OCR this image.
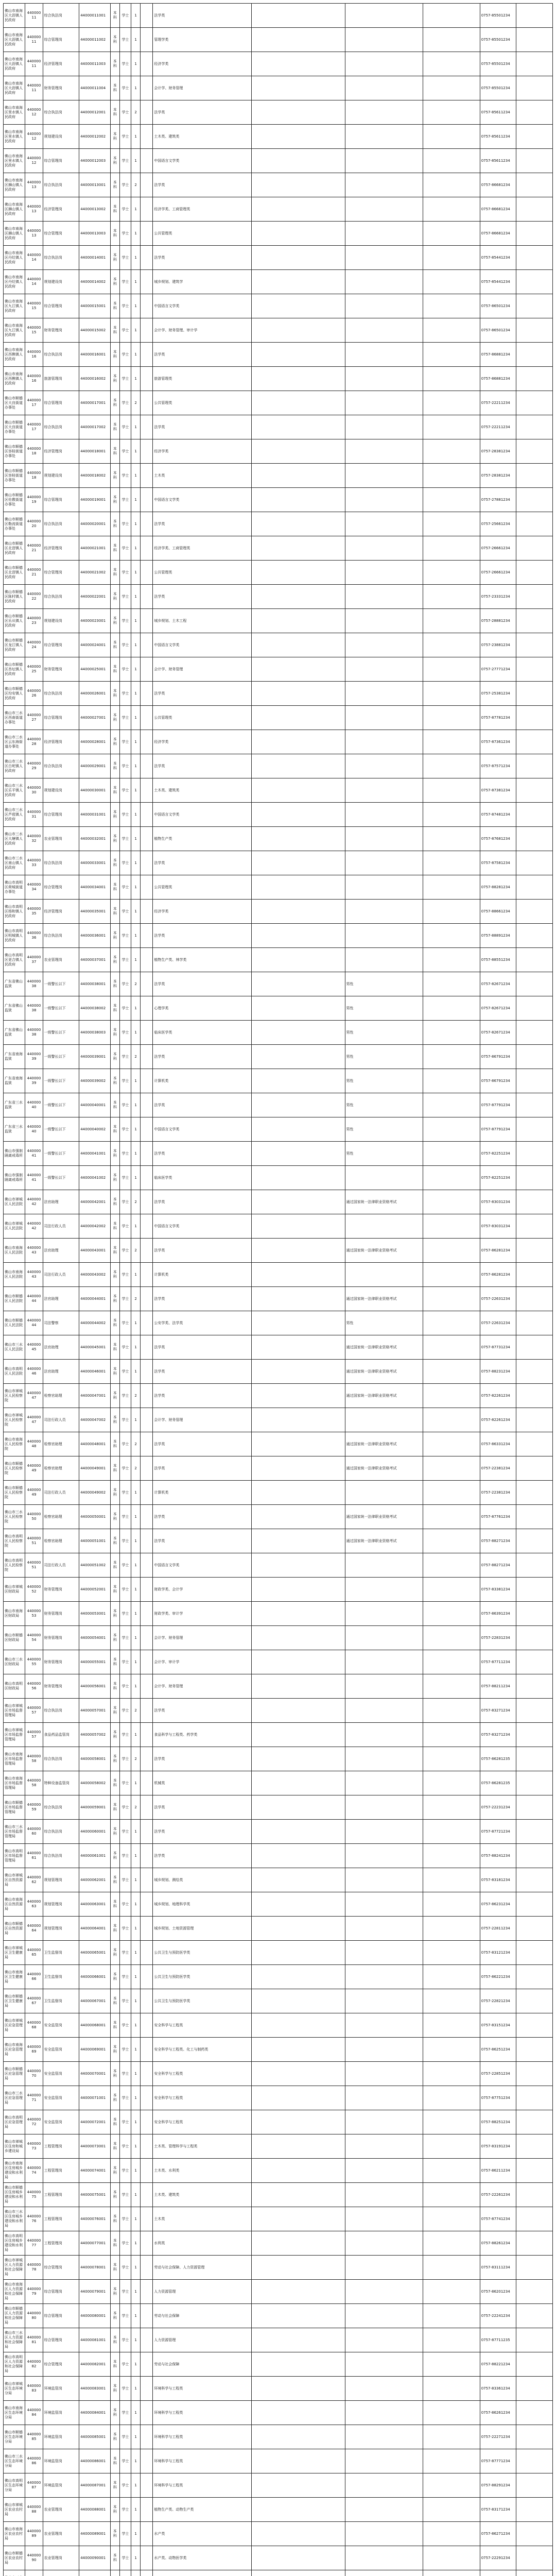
佛山市南海区大沥镇人民政府	44000011	综合执法岗	44000011001	本科	学士	1		法学类				0757-85501234	
佛山市南海区大沥镇人民政府	44000011	综合管理岗	44000011002	本科	学士	1		管理学类				0757-85501234	
佛山市南海区大沥镇人民政府	44000011	经济管理岗	44000011003	本科	学士	1		经济学类				0757-85501234	
佛山市南海区大沥镇人民政府	44000011	财务管理岗	44000011004	本科	学士	1		会计学、财务管理				0757-85501234	
佛山市南海区里水镇人民政府	44000012	综合执法岗	44000012001	本科	学士	2		法学类				0757-85611234	
佛山市南海区里水镇人民政府	44000012	规划建设岗	44000012002	本科	学士	1		土木类、建筑类				0757-85611234	
佛山市南海区里水镇人民政府	44000012	综合管理岗	44000012003	本科	学士	1		中国语言文学类				0757-85611234	
佛山市南海区狮山镇人民政府	44000013	综合执法岗	44000013001	本科	学士	2		法学类				0757-86681234	
佛山市南海区狮山镇人民政府	44000013	经济管理岗	44000013002	本科	学士	1		经济学类、工商管理类				0757-86681234	
佛山市南海区狮山镇人民政府	44000013	综合管理岗	44000013003	本科	学士	1		公共管理类				0757-86681234	
佛山市南海区丹灶镇人民政府	44000014	综合执法岗	44000014001	本科	学士	1		法学类				0757-85441234	
佛山市南海区丹灶镇人民政府	44000014	规划建设岗	44000014002	本科	学士	1		城乡规划、建筑学				0757-85441234	
佛山市南海区九江镇人民政府	44000015	综合管理岗	44000015001	本科	学士	1		中国语言文学类				0757-86501234	
佛山市南海区九江镇人民政府	44000015	财务管理岗	44000015002	本科	学士	1		会计学、财务管理、审计学				0757-86501234	
佛山市南海区西樵镇人民政府	44000016	综合执法岗	44000016001	本科	学士	1		法学类				0757-86881234	
佛山市南海区西樵镇人民政府	44000016	旅游管理岗	44000016002	本科	学士	1		旅游管理类				0757-86881234	
佛山市顺德区大良街道办事处	44000017	综合管理岗	44000017001	本科	学士	2		公共管理类				0757-22211234	
佛山市顺德区大良街道办事处	44000017	综合执法岗	44000017002	本科	学士	1		法学类				0757-22211234	
佛山市顺德区容桂街道办事处	44000018	经济管理岗	44000018001	本科	学士	1		经济学类				0757-28381234	
佛山市顺德区容桂街道办事处	44000018	规划建设岗	44000018002	本科	学士	1		土木类				0757-28381234	
佛山市顺德区伦教街道办事处	44000019	综合管理岗	44000019001	本科	学士	1		中国语言文学类				0757-27881234	
佛山市顺德区勒流街道办事处	44000020	综合执法岗	44000020001	本科	学士	1		法学类				0757-25661234	
佛山市顺德区北滘镇人民政府	44000021	经济管理岗	44000021001	本科	学士	1		经济学类、工商管理类				0757-26661234	
佛山市顺德区北滘镇人民政府	44000021	综合管理岗	44000021002	本科	学士	1		公共管理类				0757-26661234	
佛山市顺德区陈村镇人民政府	44000022	综合执法岗	44000022001	本科	学士	1		法学类				0757-23331234	
佛山市顺德区乐从镇人民政府	44000023	规划建设岗	44000023001	本科	学士	1		城乡规划、土木工程				0757-28881234	
佛山市顺德区龙江镇人民政府	44000024	综合管理岗	44000024001	本科	学士	1		中国语言文学类				0757-23881234	
佛山市顺德区杏坛镇人民政府	44000025	财务管理岗	44000025001	本科	学士	1		会计学、财务管理				0757-27771234	
佛山市顺德区均安镇人民政府	44000026	综合执法岗	44000026001	本科	学士	1		法学类				0757-25381234	
佛山市三水区西南街道办事处	44000027	综合管理岗	44000027001	本科	学士	1		公共管理类				0757-87781234	
佛山市三水区云东海街道办事处	44000028	经济管理岗	44000028001	本科	学士	1		经济学类				0757-87361234	
佛山市三水区白坭镇人民政府	44000029	综合执法岗	44000029001	本科	学士	1		法学类				0757-87571234	
佛山市三水区乐平镇人民政府	44000030	规划建设岗	44000030001	本科	学士	1		土木类、建筑类				0757-87381234	
佛山市三水区芦苞镇人民政府	44000031	综合管理岗	44000031001	本科	学士	1		中国语言文学类				0757-87481234	
佛山市三水区大塘镇人民政府	44000032	农业管理岗	44000032001	本科	学士	1		植物生产类				0757-87681234	
佛山市三水区南山镇人民政府	44000033	综合执法岗	44000033001	本科	学士	1		法学类				0757-87581234	
佛山市高明区荷城街道办事处	44000034	综合管理岗	44000034001	本科	学士	1		公共管理类				0757-88281234	
佛山市高明区杨和镇人民政府	44000035	经济管理岗	44000035001	本科	学士	1		经济学类				0757-88661234	
佛山市高明区明城镇人民政府	44000036	综合执法岗	44000036001	本科	学士	1		法学类				0757-88891234	
佛山市高明区更合镇人民政府	44000037	农业管理岗	44000037001	本科	学士	1		植物生产类、林学类				0757-88551234	
广东省佛山监狱	44000038	一级警长以下	44000038001	本科	学士	2		法学类		男性		0757-82671234	
广东省佛山监狱	44000038	一级警长以下	44000038002	本科	学士	1		心理学类		男性		0757-82671234	
广东省佛山监狱	44000038	一级警长以下	44000038003	本科	学士	1		临床医学类		男性		0757-82671234	
广东省南海监狱	44000039	一级警长以下	44000039001	本科	学士	2		法学类		男性		0757-86791234	
广东省南海监狱	44000039	一级警长以下	44000039002	本科	学士	1		计算机类		男性		0757-86791234	
广东省三水监狱	44000040	一级警长以下	44000040001	本科	学士	1		法学类		男性		0757-87791234	
广东省三水监狱	44000040	一级警长以下	44000040002	本科	学士	1		中国语言文学类		男性		0757-87791234	
佛山市强制隔离戒毒所	44000041	一级警长以下	44000041001	本科	学士	1		法学类		男性		0757-82251234	
佛山市强制隔离戒毒所	44000041	一级警长以下	44000041002	本科	学士	1		临床医学类				0757-82251234	
佛山市禅城区人民法院	44000042	法官助理	44000042001	本科	学士	2		法学类		通过国家统一法律职业资格考试		0757-83031234	
佛山市禅城区人民法院	44000042	司法行政人员	44000042002	本科	学士	1		中国语言文学类				0757-83031234	
佛山市南海区人民法院	44000043	法官助理	44000043001	本科	学士	2		法学类		通过国家统一法律职业资格考试		0757-86281234	
佛山市南海区人民法院	44000043	司法行政人员	44000043002	本科	学士	1		计算机类				0757-86281234	
佛山市顺德区人民法院	44000044	法官助理	44000044001	本科	学士	2		法学类		通过国家统一法律职业资格考试		0757-22631234	
佛山市顺德区人民法院	44000044	司法警察	44000044002	本科	学士	1		公安学类、法学类		男性		0757-22631234	
佛山市三水区人民法院	44000045	法官助理	44000045001	本科	学士	1		法学类		通过国家统一法律职业资格考试		0757-87731234	
佛山市高明区人民法院	44000046	法官助理	44000046001	本科	学士	1		法学类		通过国家统一法律职业资格考试		0757-88231234	
佛山市禅城区人民检察院	44000047	检察官助理	44000047001	本科	学士	2		法学类		通过国家统一法律职业资格考试		0757-82261234	
佛山市禅城区人民检察院	44000047	司法行政人员	44000047002	本科	学士	1		会计学、财务管理				0757-82261234	
佛山市南海区人民检察院	44000048	检察官助理	44000048001	本科	学士	2		法学类		通过国家统一法律职业资格考试		0757-86331234	
佛山市顺德区人民检察院	44000049	检察官助理	44000049001	本科	学士	2		法学类		通过国家统一法律职业资格考试		0757-22381234	
佛山市顺德区人民检察院	44000049	司法行政人员	44000049002	本科	学士	1		计算机类				0757-22381234	
佛山市三水区人民检察院	44000050	检察官助理	44000050001	本科	学士	1		法学类		通过国家统一法律职业资格考试		0757-87761234	
佛山市高明区人民检察院	44000051	检察官助理	44000051001	本科	学士	1		法学类		通过国家统一法律职业资格考试		0757-88271234	
佛山市高明区人民检察院	44000051	司法行政人员	44000051002	本科	学士	1		中国语言文学类				0757-88271234	
佛山市禅城区财政局	44000052	财务管理岗	44000052001	本科	学士	1		财政学类、会计学				0757-83381234	
佛山市南海区财政局	44000053	财务管理岗	44000053001	本科	学士	1		财政学类、审计学				0757-86391234	
佛山市顺德区财政局	44000054	财务管理岗	44000054001	本科	学士	1		会计学、财务管理				0757-22831234	
佛山市三水区财政局	44000055	财务管理岗	44000055001	本科	学士	1		会计学、审计学				0757-87711234	
佛山市高明区财政局	44000056	财务管理岗	44000056001	本科	学士	1		会计学、财务管理				0757-88211234	
佛山市禅城区市场监督管理局	44000057	综合执法岗	44000057001	本科	学士	2		法学类				0757-83271234	
佛山市禅城区市场监督管理局	44000057	食品药品监管岗	44000057002	本科	学士	1		食品科学与工程类、药学类				0757-83271234	
佛山市南海区市场监督管理局	44000058	综合执法岗	44000058001	本科	学士	2		法学类				0757-86281235	
佛山市南海区市场监督管理局	44000058	特种设备监管岗	44000058002	本科	学士	1		机械类				0757-86281235	
佛山市顺德区市场监督管理局	44000059	综合执法岗	44000059001	本科	学士	2		法学类				0757-22231234	
佛山市三水区市场监督管理局	44000060	综合执法岗	44000060001	本科	学士	1		法学类				0757-87721234	
佛山市高明区市场监督管理局	44000061	综合执法岗	44000061001	本科	学士	1		法学类				0757-88241234	
佛山市禅城区自然资源局	44000062	规划管理岗	44000062001	本科	学士	1		城乡规划、测绘类				0757-83181234	
佛山市南海区自然资源局	44000063	规划管理岗	44000063001	本科	学士	1		城乡规划、地理科学类				0757-86231234	
佛山市顺德区自然资源局	44000064	规划管理岗	44000064001	本科	学士	1		城乡规划、土地资源管理				0757-22811234	
佛山市禅城区卫生健康局	44000065	卫生监督岗	44000065001	本科	学士	1		公共卫生与预防医学类				0757-83121234	
佛山市南海区卫生健康局	44000066	卫生监督岗	44000066001	本科	学士	1		公共卫生与预防医学类				0757-86221234	
佛山市顺德区卫生健康局	44000067	卫生监督岗	44000067001	本科	学士	1		公共卫生与预防医学类				0757-22821234	
佛山市禅城区应急管理局	44000068	安全监管岗	44000068001	本科	学士	1		安全科学与工程类				0757-83151234	
佛山市南海区应急管理局	44000069	安全监管岗	44000069001	本科	学士	1		安全科学与工程类、化工与制药类				0757-86251234	
佛山市顺德区应急管理局	44000070	安全监管岗	44000070001	本科	学士	1		安全科学与工程类				0757-22851234	
佛山市三水区应急管理局	44000071	安全监管岗	44000071001	本科	学士	1		安全科学与工程类				0757-87751234	
佛山市高明区应急管理局	44000072	安全监管岗	44000072001	本科	学士	1		安全科学与工程类				0757-88251234	
佛山市禅城区住房和城乡建设局	44000073	工程管理岗	44000073001	本科	学士	1		土木类、管理科学与工程类				0757-83191234	
佛山市南海区住房城乡建设和水利局	44000074	工程管理岗	44000074001	本科	学士	1		土木类、水利类				0757-86211234	
佛山市顺德区住房城乡建设和水利局	44000075	工程管理岗	44000075001	本科	学士	1		土木类、建筑类				0757-22261234	
佛山市三水区住房城乡建设和水利局	44000076	工程管理岗	44000076001	本科	学士	1		土木类				0757-87741234	
佛山市高明区住房城乡建设和水利局	44000077	工程管理岗	44000077001	本科	学士	1		水利类				0757-88261234	
佛山市禅城区人力资源和社会保障局	44000078	综合管理岗	44000078001	本科	学士	1		劳动与社会保障、人力资源管理				0757-83111234	
佛山市南海区人力资源和社会保障局	44000079	综合管理岗	44000079001	本科	学士	1		人力资源管理				0757-86201234	
佛山市顺德区人力资源和社会保障局	44000080	综合管理岗	44000080001	本科	学士	1		劳动与社会保障				0757-22241234	
佛山市三水区人力资源和社会保障局	44000081	综合管理岗	44000081001	本科	学士	1		人力资源管理				0757-87711235	
佛山市高明区人力资源和社会保障局	44000082	综合管理岗	44000082001	本科	学士	1		劳动与社会保障				0757-88221234	
佛山市禅城区生态环境分局	44000083	环境监管岗	44000083001	本科	学士	1		环境科学与工程类				0757-83361234	
佛山市南海区生态环境分局	44000084	环境监管岗	44000084001	本科	学士	1		环境科学与工程类				0757-86261234	
佛山市顺德区生态环境分局	44000085	环境监管岗	44000085001	本科	学士	1		环境科学与工程类				0757-22271234	
佛山市三水区生态环境分局	44000086	环境监管岗	44000086001	本科	学士	1		环境科学与工程类				0757-87771234	
佛山市高明区生态环境分局	44000087	环境监管岗	44000087001	本科	学士	1		环境科学与工程类				0757-88291234	
佛山市禅城区农业农村局	44000088	农业管理岗	44000088001	本科	学士	1		植物生产类、动物生产类				0757-83171234	
佛山市南海区农业农村局	44000089	农业管理岗	44000089001	本科	学士	1		水产类				0757-86271234	
佛山市顺德区农业农村局	44000090	农业管理岗	44000090001	本科	学士	1		水产类、动物医学类				0757-22291234	
